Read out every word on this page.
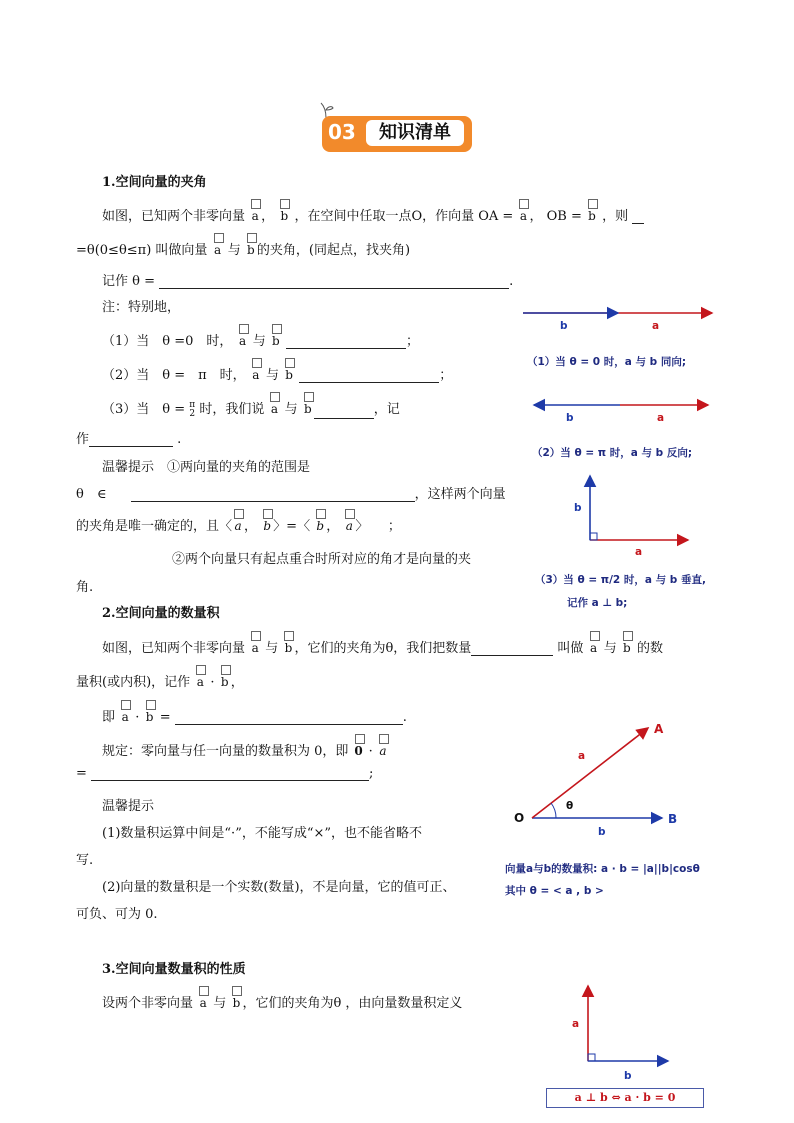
03	知识清单
1.空间向量的夹角
如图，已知两个非零向量 a ，
b ，在空间中任取一点O，作向量 OA = a ， OB = b ，则
=θ(0≤θ≤π) 叫做向量 a 与 b 的夹角，(同起点，找夹角)
记作 θ =	.
注：特别地，
（1）当　θ =0　时， a 与 b	；
（2）当　θ =　π　时， a 与 b	；
（3）当　θ = π
2 时，我们说 a 与 b	，记
作	.
温馨提示　①两向量的夹角的范围是
θ　∈	，这样两个向量
的夹角是唯一确定的，且〈 a ，
b 〉=〈
b ，
a 〉　　；
②两个向量只有起点重合时所对应的角才是向量的夹
角.
2.空间向量的数量积
如图，已知两个非零向量 a 与 b ，它们的夹角为θ，我们把数量	叫做 a 与 b 的数
量积(或内积)，记作 a ·
b ，
即 a ·
b =	.
规定：零向量与任一向量的数量积为 0，即 0 ·
a
=	;
温馨提示
(1)数量积运算中间是“·”，不能写成“×”，也不能省略不
写.
(2)向量的数量积是一个实数(数量)，不是向量，它的值可正、
可负、可为 0.
3.空间向量数量积的性质
设两个非零向量 a 与 b ，它们的夹角为θ ，由向量数量积定义
b	a
（1）当 θ = 0 时，a 与 b 同向;
b	a
（2）当 θ = π 时，a 与 b 反向;
b
a
（3）当 θ = π/2 时，a 与 b 垂直,
记作 a ⊥ b;
a
A
O	B
θ
b
向量a与b的数量积: a · b = |a||b|cosθ
其中 θ = < a , b >
a
b
a ⊥ b ⇔ a · b = 0
